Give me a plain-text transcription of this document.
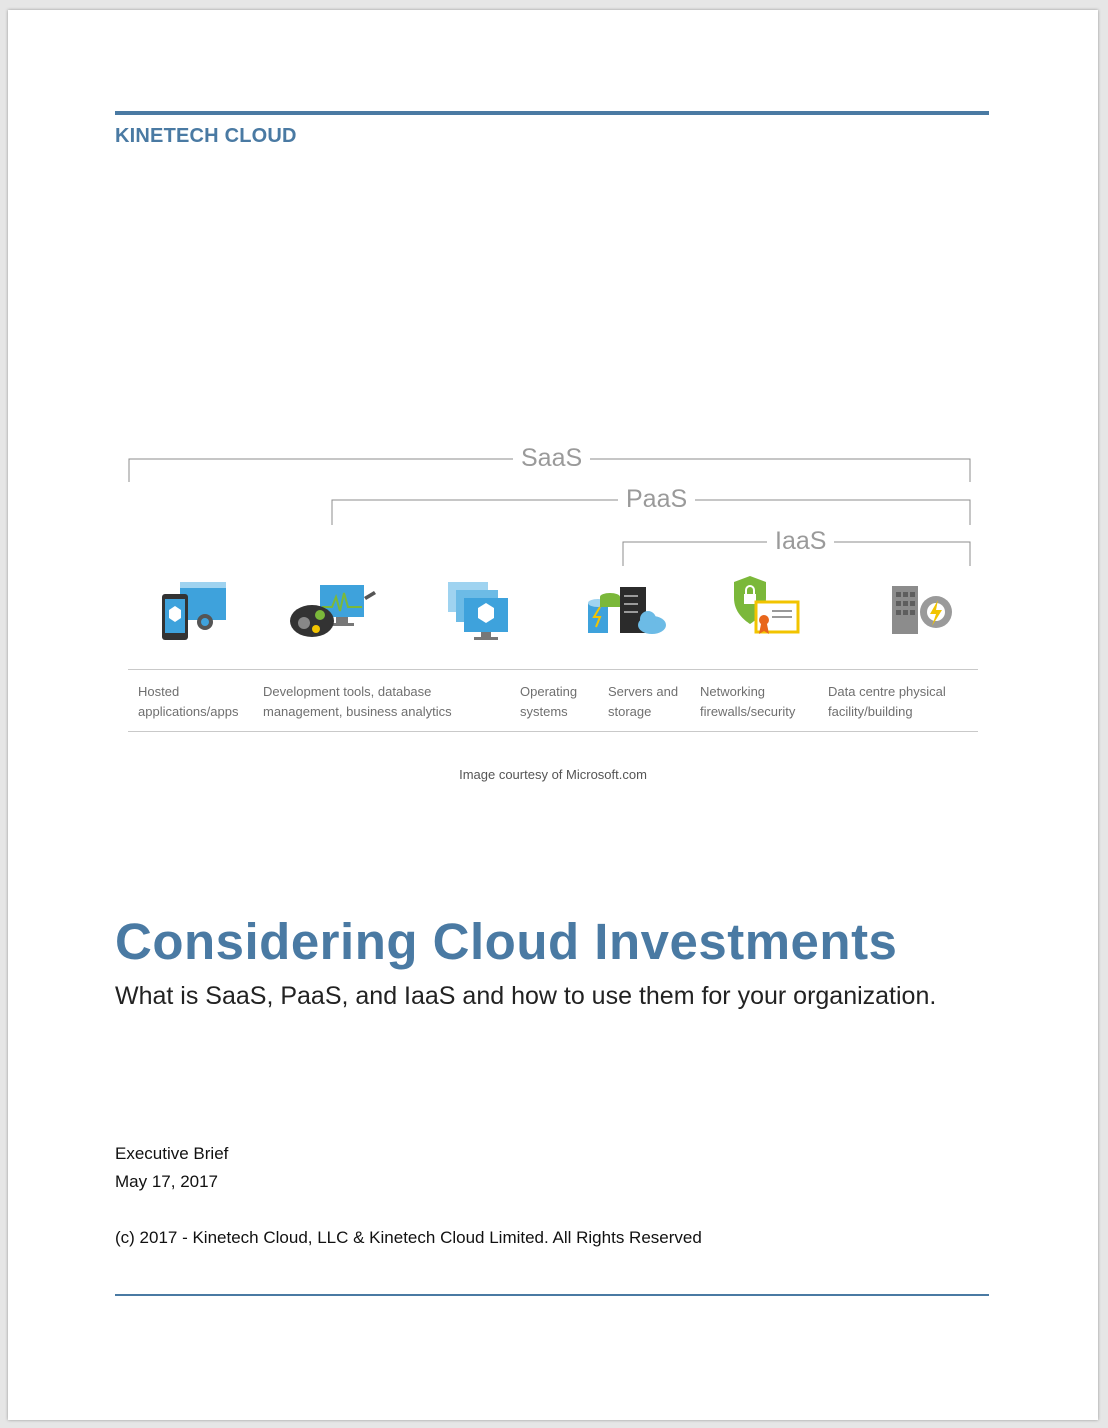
KINETECH CLOUD
SaaS
PaaS
IaaS
Hosted
applications/apps
Development tools, database
management, business analytics
Operating
systems
Servers and
storage
Networking
firewalls/security
Data centre physical
facility/building
Image courtesy of Microsoft.com
Considering Cloud Investments
What is SaaS, PaaS, and IaaS and how to use them for your organization.
Executive Brief
May 17, 2017
(c) 2017 - Kinetech Cloud, LLC & Kinetech Cloud Limited. All Rights Reserved
